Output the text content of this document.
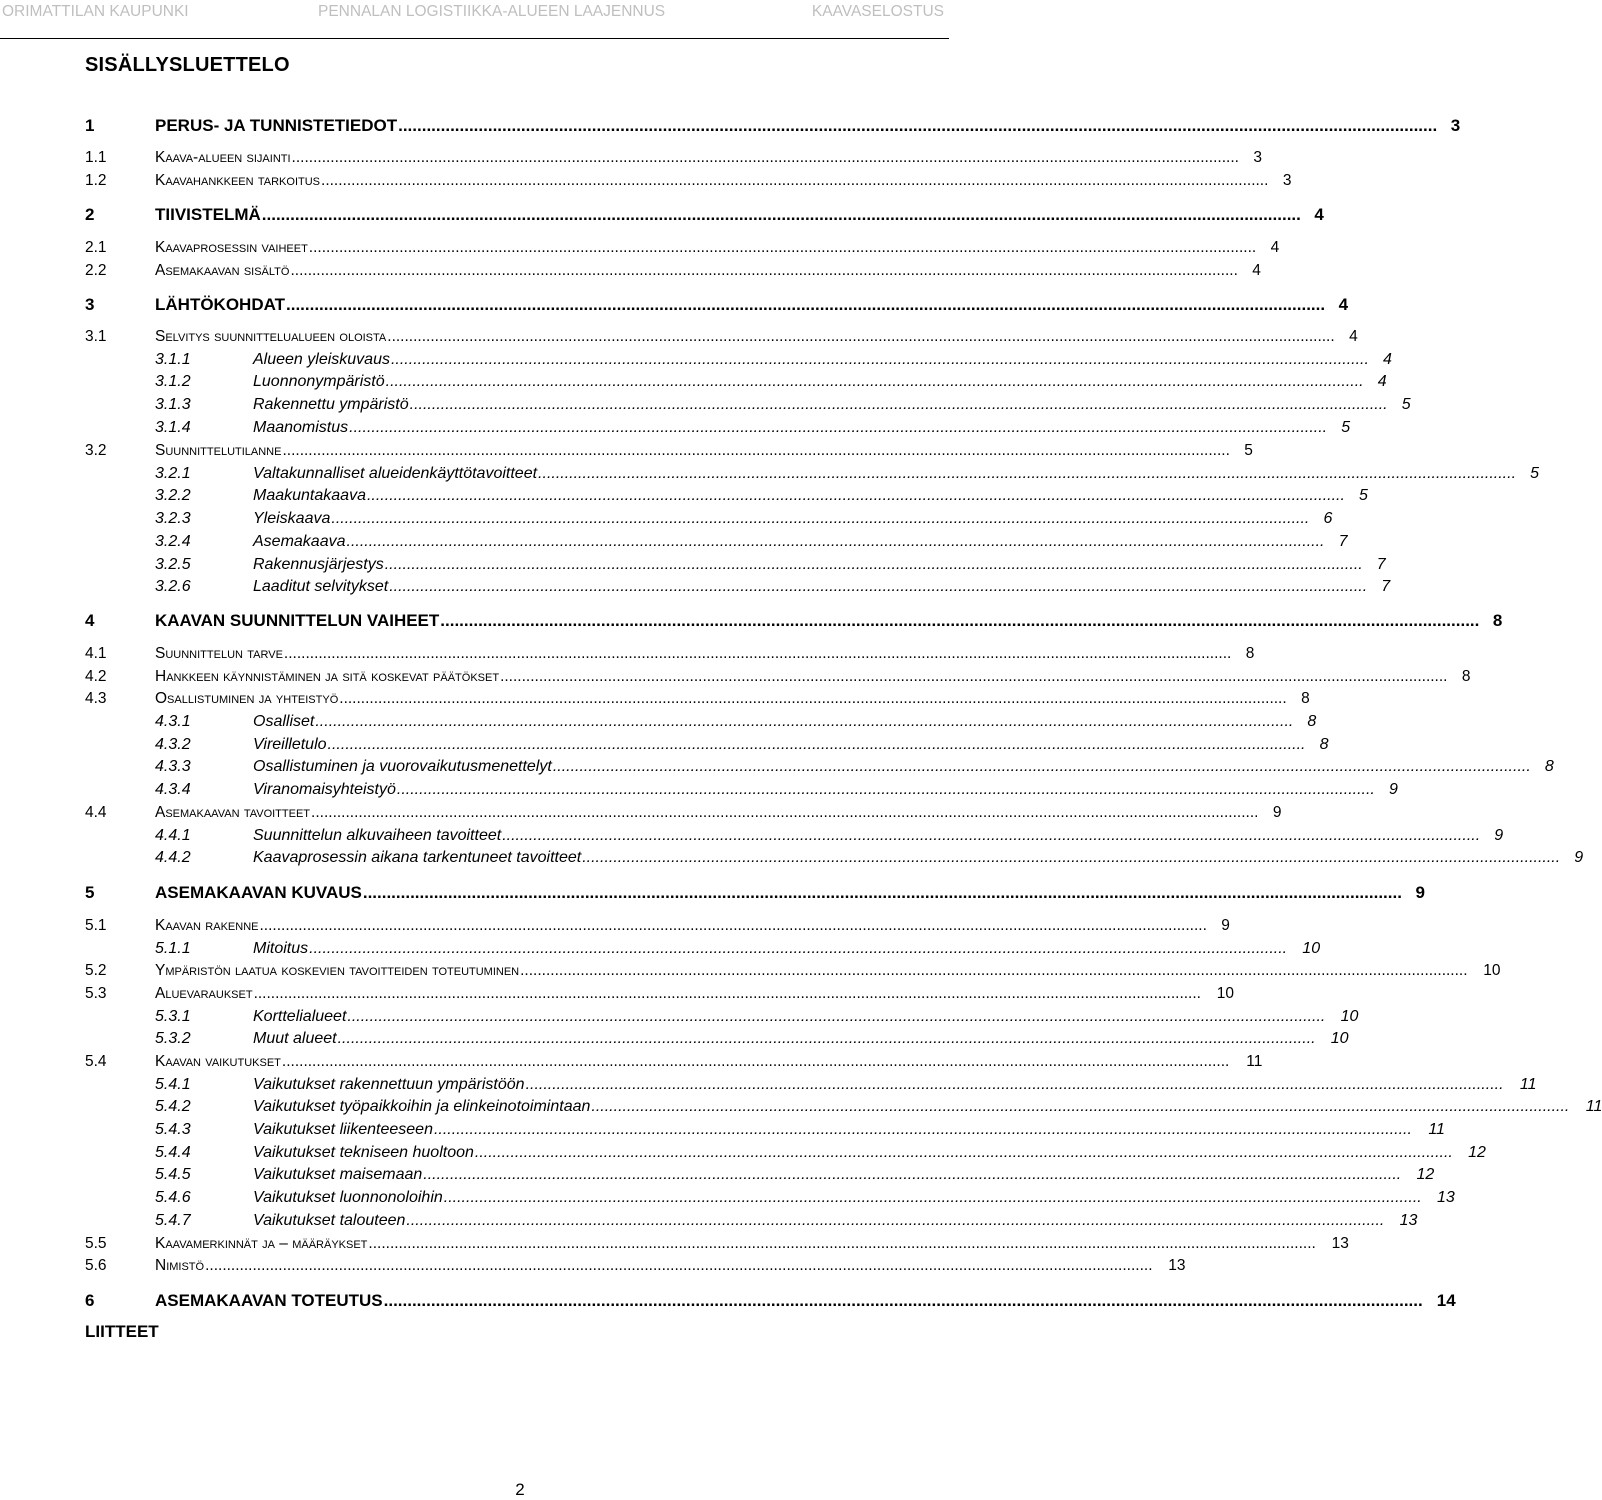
ORIMATTILAN KAUPUNKI	PENNALAN LOGISTIIKKA-ALUEEN LAAJENNUS	KAAVASELOSTUS
SISÄLLYSLUETTELO
1	PERUS- JA TUNNISTETIEDOT ............................................................................................................................................................................................................................ 3
1.1	Kaava-alueen sijainti ............................................................................................................................................................................................................................ 3
1.2	Kaavahankkeen tarkoitus ............................................................................................................................................................................................................................ 3
2	TIIVISTELMÄ ............................................................................................................................................................................................................................ 4
2.1	Kaavaprosessin vaiheet ............................................................................................................................................................................................................................ 4
2.2	Asemakaavan sisältö ............................................................................................................................................................................................................................ 4
3	LÄHTÖKOHDAT ............................................................................................................................................................................................................................ 4
3.1	Selvitys suunnittelualueen oloista ............................................................................................................................................................................................................................ 4
3.1.1	Alueen yleiskuvaus ............................................................................................................................................................................................................................ 4
3.1.2	Luonnonympäristö ............................................................................................................................................................................................................................ 4
3.1.3	Rakennettu ympäristö ............................................................................................................................................................................................................................ 5
3.1.4	Maanomistus ............................................................................................................................................................................................................................ 5
3.2	Suunnittelutilanne ............................................................................................................................................................................................................................ 5
3.2.1	Valtakunnalliset alueidenkäyttötavoitteet ............................................................................................................................................................................................................................ 5
3.2.2	Maakuntakaava ............................................................................................................................................................................................................................ 5
3.2.3	Yleiskaava ............................................................................................................................................................................................................................ 6
3.2.4	Asemakaava ............................................................................................................................................................................................................................ 7
3.2.5	Rakennusjärjestys ............................................................................................................................................................................................................................ 7
3.2.6	Laaditut selvitykset ............................................................................................................................................................................................................................ 7
4	KAAVAN SUUNNITTELUN VAIHEET ............................................................................................................................................................................................................................ 8
4.1	Suunnittelun tarve ............................................................................................................................................................................................................................ 8
4.2	Hankkeen käynnistäminen ja sitä koskevat päätökset ............................................................................................................................................................................................................................ 8
4.3	Osallistuminen ja yhteistyö ............................................................................................................................................................................................................................ 8
4.3.1	Osalliset ............................................................................................................................................................................................................................ 8
4.3.2	Vireilletulo ............................................................................................................................................................................................................................ 8
4.3.3	Osallistuminen ja vuorovaikutusmenettelyt ............................................................................................................................................................................................................................ 8
4.3.4	Viranomaisyhteistyö ............................................................................................................................................................................................................................ 9
4.4	Asemakaavan tavoitteet ............................................................................................................................................................................................................................ 9
4.4.1	Suunnittelun alkuvaiheen tavoitteet ............................................................................................................................................................................................................................ 9
4.4.2	Kaavaprosessin aikana tarkentuneet tavoitteet ............................................................................................................................................................................................................................ 9
5	ASEMAKAAVAN KUVAUS ............................................................................................................................................................................................................................ 9
5.1	Kaavan rakenne ............................................................................................................................................................................................................................ 9
5.1.1	Mitoitus ............................................................................................................................................................................................................................ 10
5.2	Ympäristön laatua koskevien tavoitteiden toteutuminen ............................................................................................................................................................................................................................	10
5.3	Aluevaraukset ............................................................................................................................................................................................................................	10
5.3.1	Korttelialueet ............................................................................................................................................................................................................................ 10
5.3.2	Muut alueet ............................................................................................................................................................................................................................ 10
5.4	Kaavan vaikutukset ............................................................................................................................................................................................................................	11
5.4.1	Vaikutukset rakennettuun ympäristöön ............................................................................................................................................................................................................................	11
5.4.2	Vaikutukset työpaikkoihin ja elinkeinotoimintaan ............................................................................................................................................................................................................................	11
5.4.3	Vaikutukset liikenteeseen ............................................................................................................................................................................................................................	11
5.4.4	Vaikutukset tekniseen huoltoon ............................................................................................................................................................................................................................ 12
5.4.5	Vaikutukset maisemaan ............................................................................................................................................................................................................................ 12
5.4.6	Vaikutukset luonnonoloihin ............................................................................................................................................................................................................................ 13
5.4.7	Vaikutukset talouteen ............................................................................................................................................................................................................................ 13
5.5	Kaavamerkinnät ja – määräykset ............................................................................................................................................................................................................................	13
5.6	Nimistö ............................................................................................................................................................................................................................	13
6	ASEMAKAAVAN TOTEUTUS ............................................................................................................................................................................................................................ 14
LIITTEET
2
